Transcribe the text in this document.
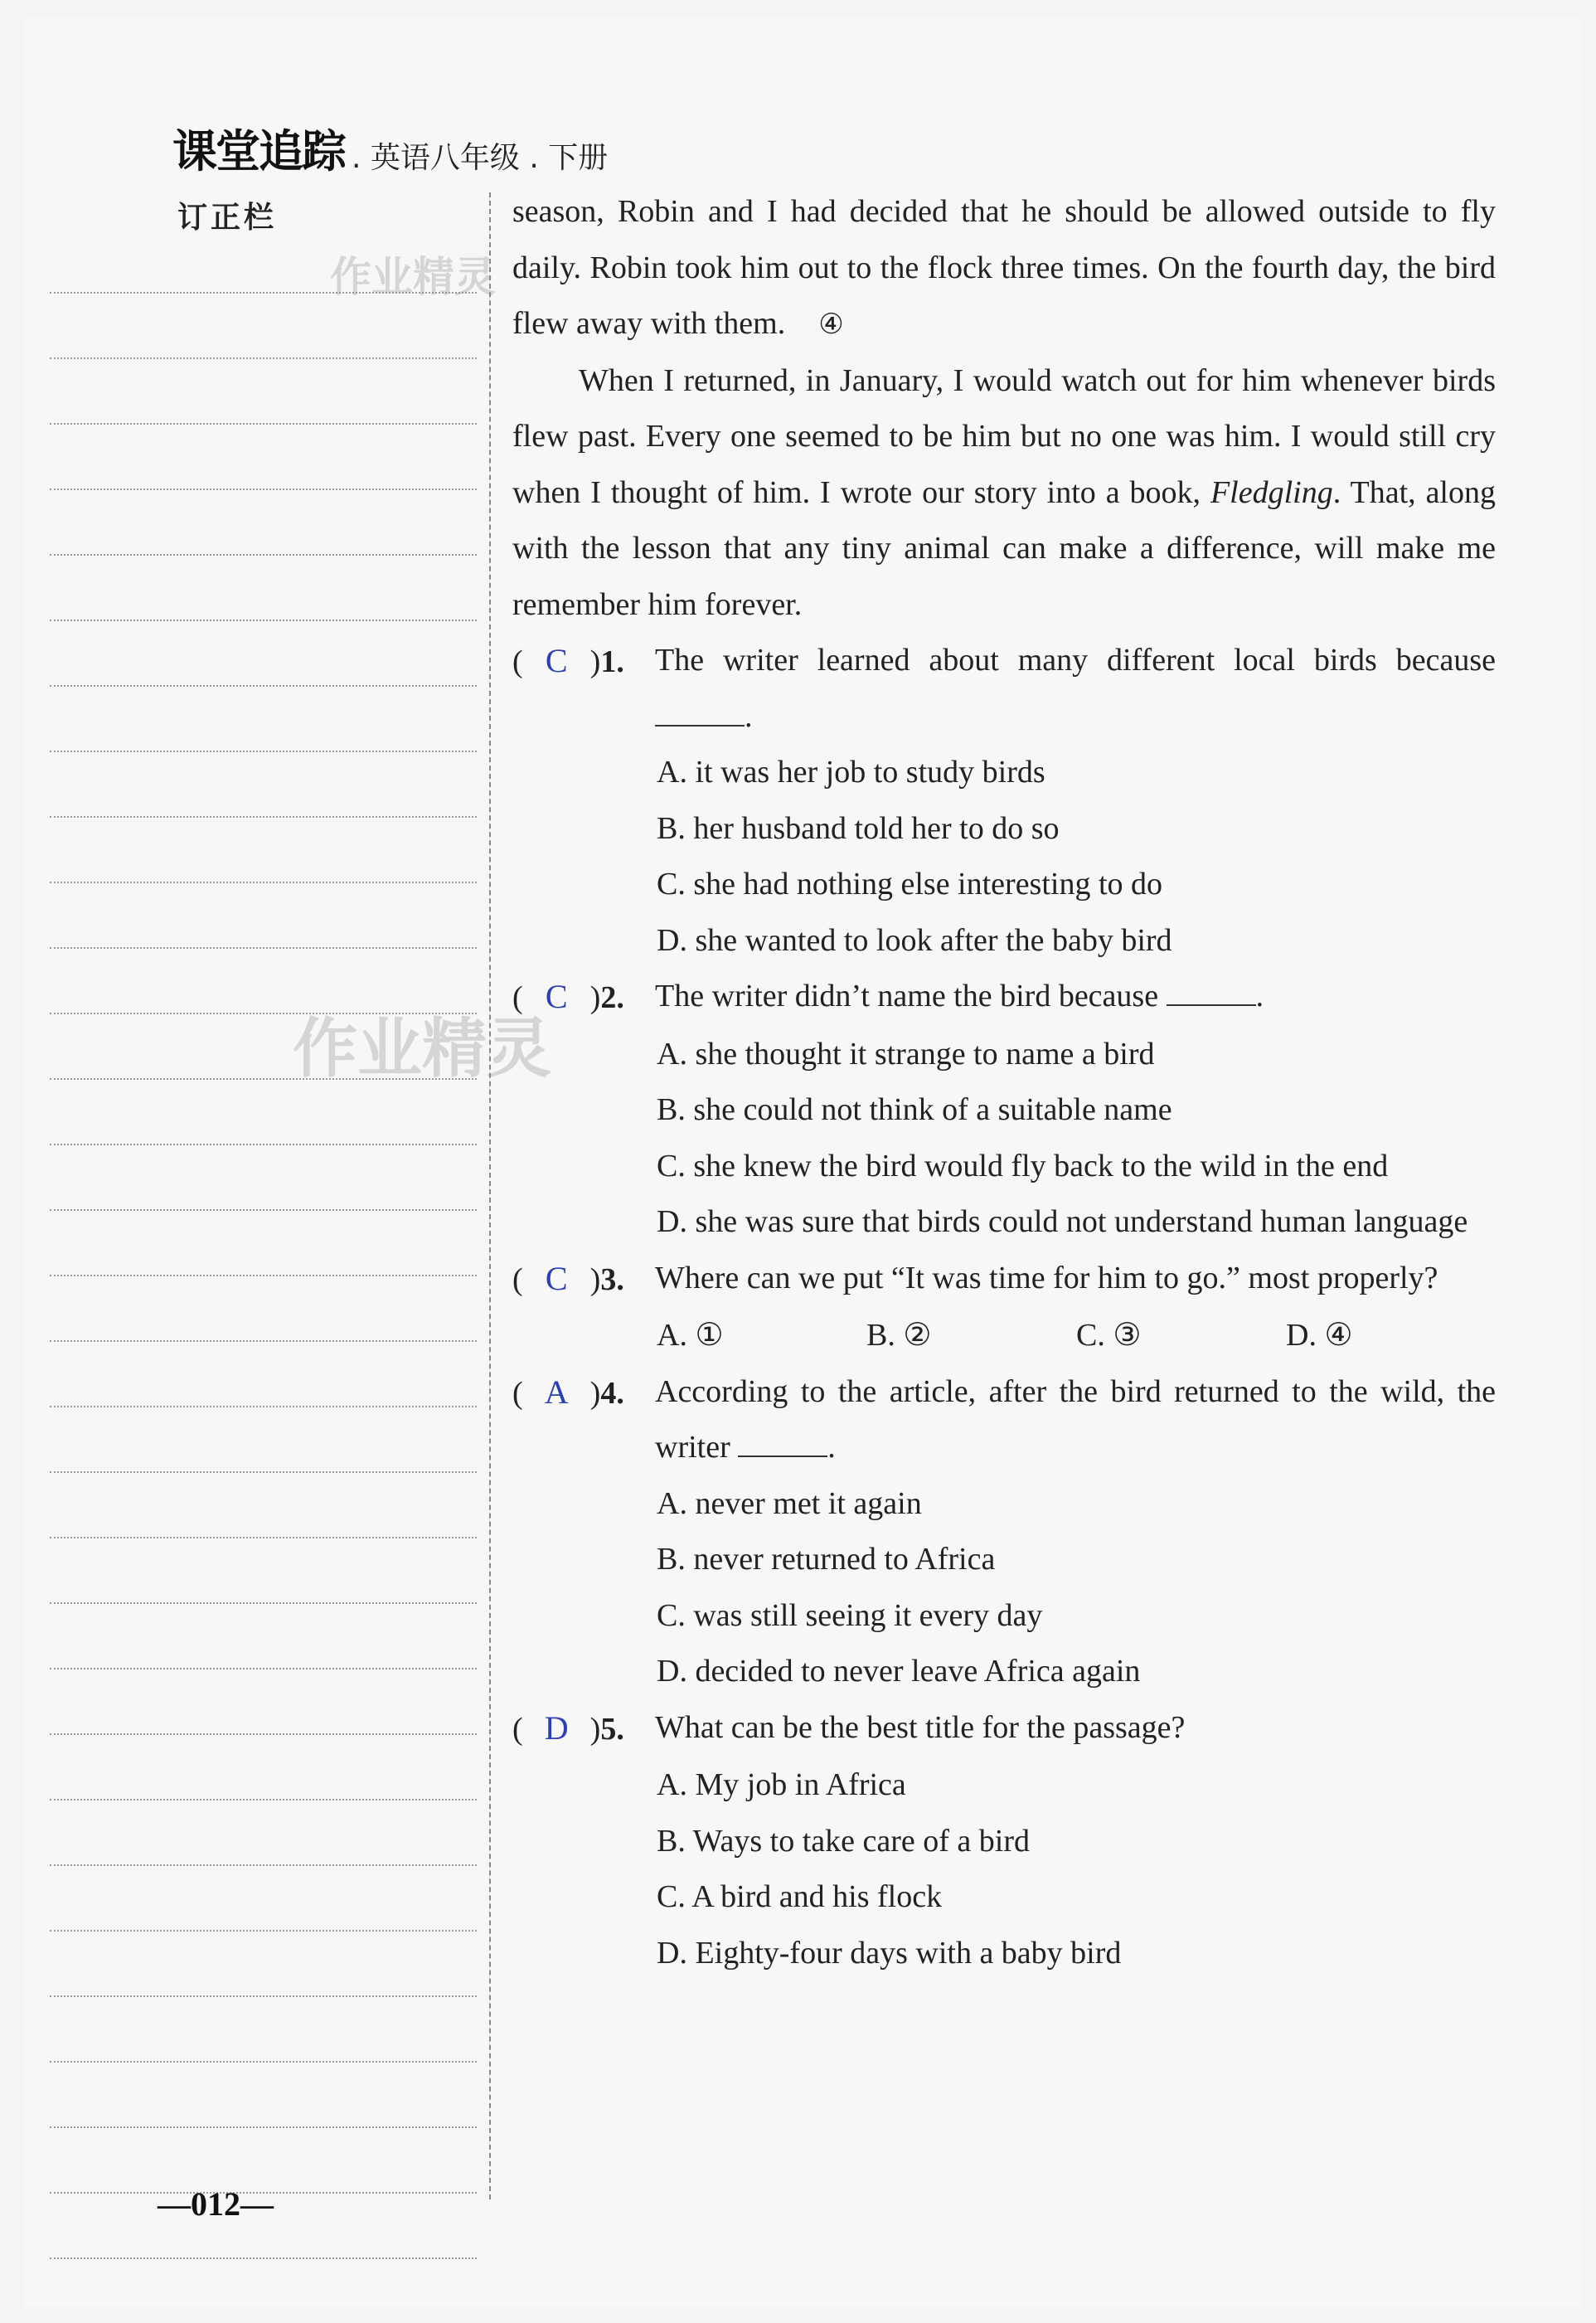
课堂追踪 . 英语八年级 . 下册
订正栏	season, Robin and I had decided that he should be allowed outside to fly daily. Robin took him out to the flock three times. On the fourth day, the bird flew away with them. ④

When I returned, in January, I would watch out for him whenever birds flew past. Every one seemed to be him but no one was him. I would still cry when I thought of him. I wrote our story into a book, Fledgling. That, along with the lesson that any tiny animal can make a difference, will make me remember him forever.

( C )1. The writer learned about many different local birds because .
A. it was her job to study birds
B. her husband told her to do so
C. she had nothing else interesting to do
D. she wanted to look after the baby bird
( C )2. The writer didn’t name the bird because	.
A. she thought it strange to name a bird
B. she could not think of a suitable name
C. she knew the bird would fly back to the wild in the end
D. she was sure that birds could not understand human language
( C )3. Where can we put “It was time for him to go.” most properly?
A. ①	B. ②	C. ③	D. ④
( A )4. According to the article, after the bird returned to the wild, the writer	.
A. never met it again
B. never returned to Africa
C. was still seeing it every day
D. decided to never leave Africa again
( D )5. What can be the best title for the passage?
A. My job in Africa
B. Ways to take care of a bird
C. A bird and his flock
D. Eighty-four days with a baby bird
—012—
作业精灵
作业精灵
